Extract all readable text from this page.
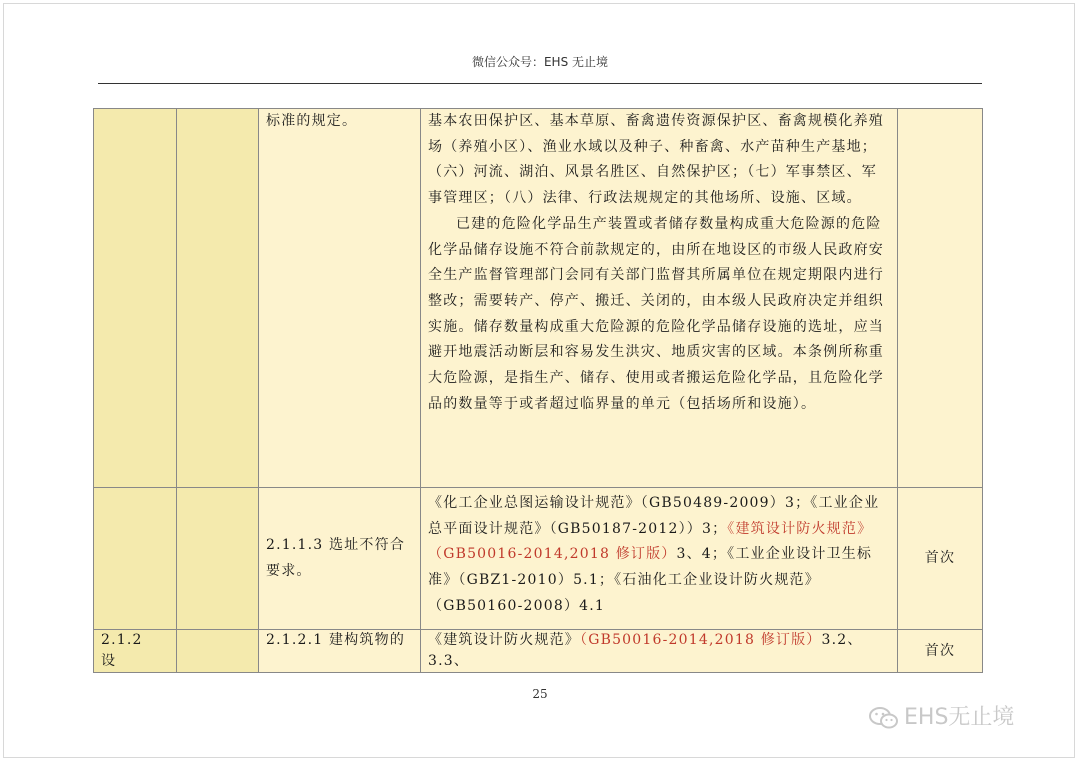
微信公众号：EHS 无止境
		标准的规定。	基本农田保护区、基本草原、畜禽遗传资源保护区、畜禽规模化养殖场（养殖小区）、渔业水域以及种子、种畜禽、水产苗种生产基地；（六）河流、湖泊、风景名胜区、自然保护区；（七）军事禁区、军事管理区；（八）法律、行政法规规定的其他场所、设施、区域。
已建的危险化学品生产装置或者储存数量构成重大危险源的危险化学品储存设施不符合前款规定的，由所在地设区的市级人民政府安全生产监督管理部门会同有关部门监督其所属单位在规定期限内进行整改；需要转产、停产、搬迁、关闭的，由本级人民政府决定并组织实施。储存数量构成重大危险源的危险化学品储存设施的选址，应当避开地震活动断层和容易发生洪灾、地质灾害的区域。本条例所称重大危险源，是指生产、储存、使用或者搬运危险化学品，且危险化学品的数量等于或者超过临界量的单元（包括场所和设施）。	

		2.1.1.3 选址不符合要求。	《化工企业总图运输设计规范》（GB50489-2009）3；《工业企业总平面设计规范》（GB50187-2012））3；《建筑设计防火规范》（GB50016-2014,2018 修订版）3、4；《工业企业设计卫生标准》（GBZ1-2010）5.1；《石油化工企业设计防火规范》（GB50160-2008）4.1	首次
2.1.2　设		2.1.2.1 建构筑物的	《建筑设计防火规范》（GB50016-2014,2018 修订版）3.2、3.3、	首次
25
EHS无止境
